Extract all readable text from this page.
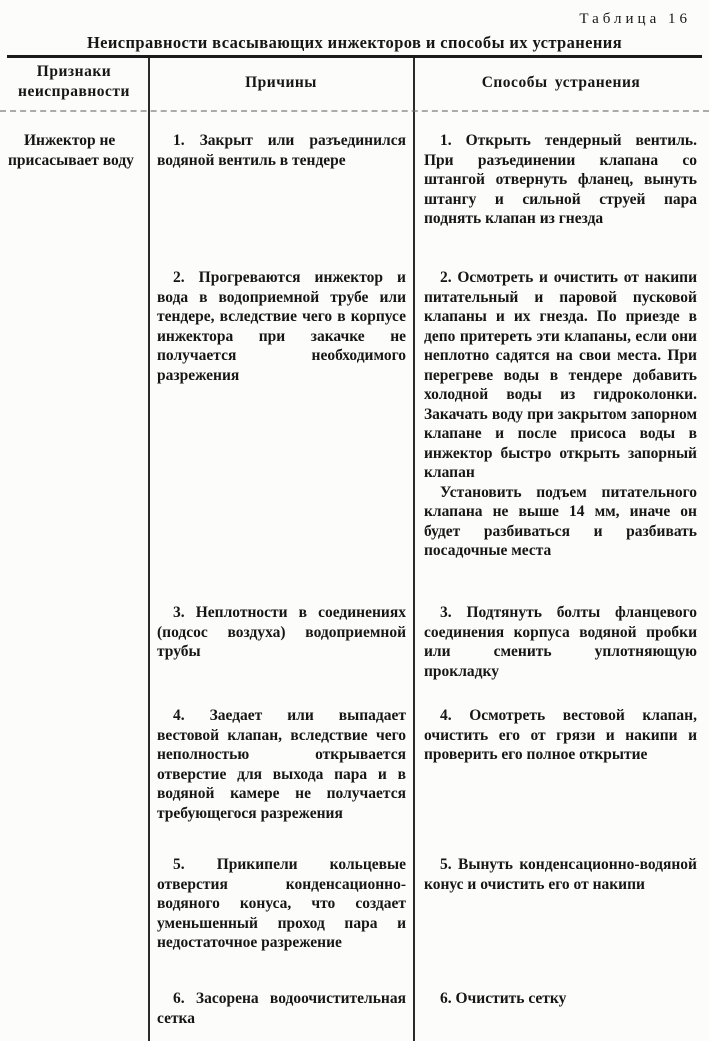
Таблица 16
Неисправности всасывающих инжекторов и способы их устранения
Признаки неисправности
Причины	Способы устранения

Инжектор не присасывает воду

1. Закрыт или разъединился водяной вентиль в тендере

1. Открыть тендерный вентиль. При разъединении клапана со штангой отвернуть фланец, вынуть штангу и сильной струей пара поднять клапан из гнезда

2. Прогреваются инжектор и вода в водоприемной трубе или тендере, вследствие чего в корпусе инжектора при закачке не получается необходимого разрежения

2. Осмотреть и очистить от накипи питательный и паровой пусковой клапаны и их гнезда. По приезде в депо притереть эти клапаны, если они неплотно садятся на свои места. При перегреве воды в тендере добавить холодной воды из гидроколонки. Закачать воду при закрытом запорном клапане и после присоса воды в инжектор быстро открыть запорный клапан

Установить подъем питательного клапана не выше 14 мм, иначе он будет разбиваться и разбивать посадочные места

3. Неплотности в соединениях (подсос воздуха) водоприемной трубы

3. Подтянуть болты фланцевого соединения корпуса водяной пробки или сменить уплотняющую прокладку

4. Заедает или выпадает вестовой клапан, вследствие чего неполностью открывается отверстие для выхода пара и в водяной камере не получается требующегося разрежения

4. Осмотреть вестовой клапан, очистить его от грязи и накипи и проверить его полное открытие

5. Прикипели кольцевые отверстия конденсационно-водяного конуса, что создает уменьшенный проход пара и недостаточное разрежение

5. Вынуть конденсационно-водяной конус и очистить его от накипи

6. Засорена водоочистительная сетка

6. Очистить сетку
